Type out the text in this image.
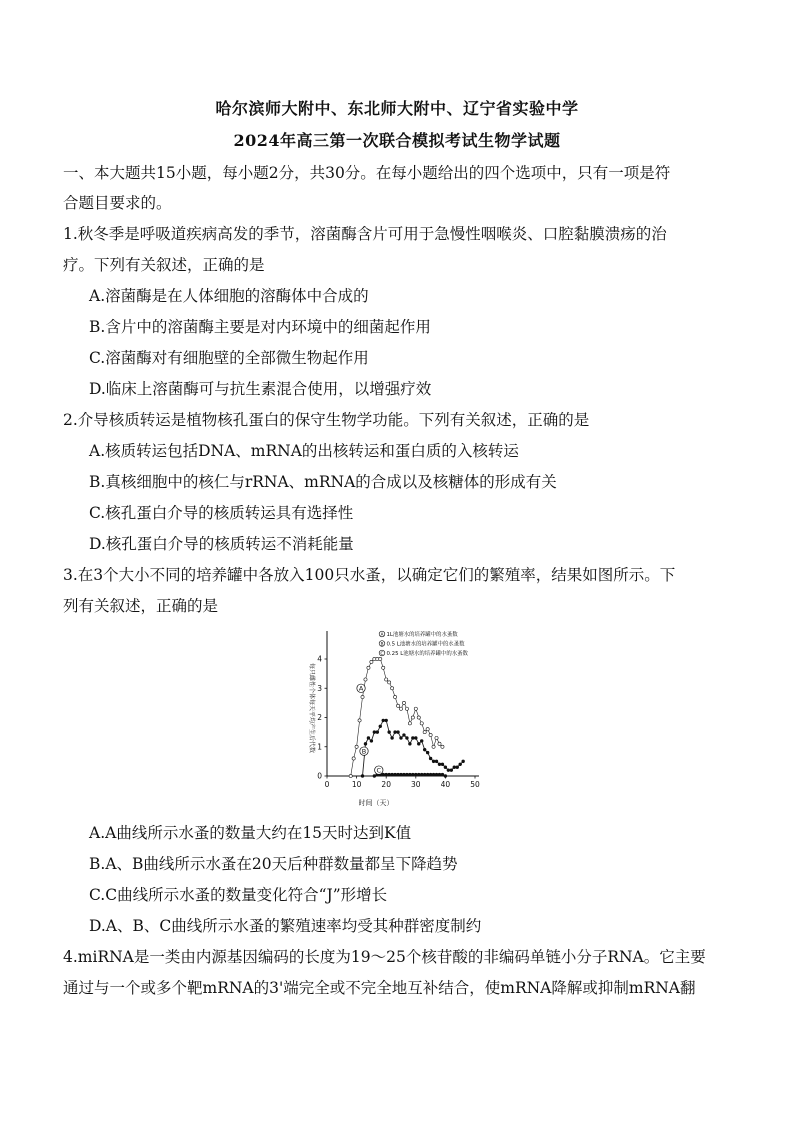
哈尔滨师大附中、东北师大附中、辽宁省实验中学
2024年高三第一次联合模拟考试生物学试题
一、本大题共15小题，每小题2分，共30分。在每小题给出的四个选项中，只有一项是符
合题目要求的。
1.秋冬季是呼吸道疾病高发的季节，溶菌酶含片可用于急慢性咽喉炎、口腔黏膜溃疡的治
疗。下列有关叙述，正确的是
A.溶菌酶是在人体细胞的溶酶体中合成的
B.含片中的溶菌酶主要是对内环境中的细菌起作用
C.溶菌酶对有细胞壁的全部微生物起作用
D.临床上溶菌酶可与抗生素混合使用，以增强疗效
2.介导核质转运是植物核孔蛋白的保守生物学功能。下列有关叙述，正确的是
A.核质转运包括DNA、mRNA的出核转运和蛋白质的入核转运
B.真核细胞中的核仁与rRNA、mRNA的合成以及核糖体的形成有关
C.核孔蛋白介导的核质转运具有选择性
D.核孔蛋白介导的核质转运不消耗能量
3.在3个大小不同的培养罐中各放入100只水蚤，以确定它们的繁殖率，结果如图所示。下
列有关叙述，正确的是
每只雌性个体每天平均产生后代数
时间（天）
0	10	20	30	40	50
0
1
2
3
4
A 1L池塘水的培养罐中的水蚤数
B 0.5 L池塘水的培养罐中的水蚤数
C 0.25 L池塘水的培养罐中的水蚤数
A
B
C
A.A曲线所示水蚤的数量大约在15天时达到K值
B.A、B曲线所示水蚤在20天后种群数量都呈下降趋势
C.C曲线所示水蚤的数量变化符合“J”形增长
D.A、B、C曲线所示水蚤的繁殖速率均受其种群密度制约
4.miRNA是一类由内源基因编码的长度为19～25个核苷酸的非编码单链小分子RNA。它主要
通过与一个或多个靶mRNA的3'端完全或不完全地互补结合，使mRNA降解或抑制mRNA翻
